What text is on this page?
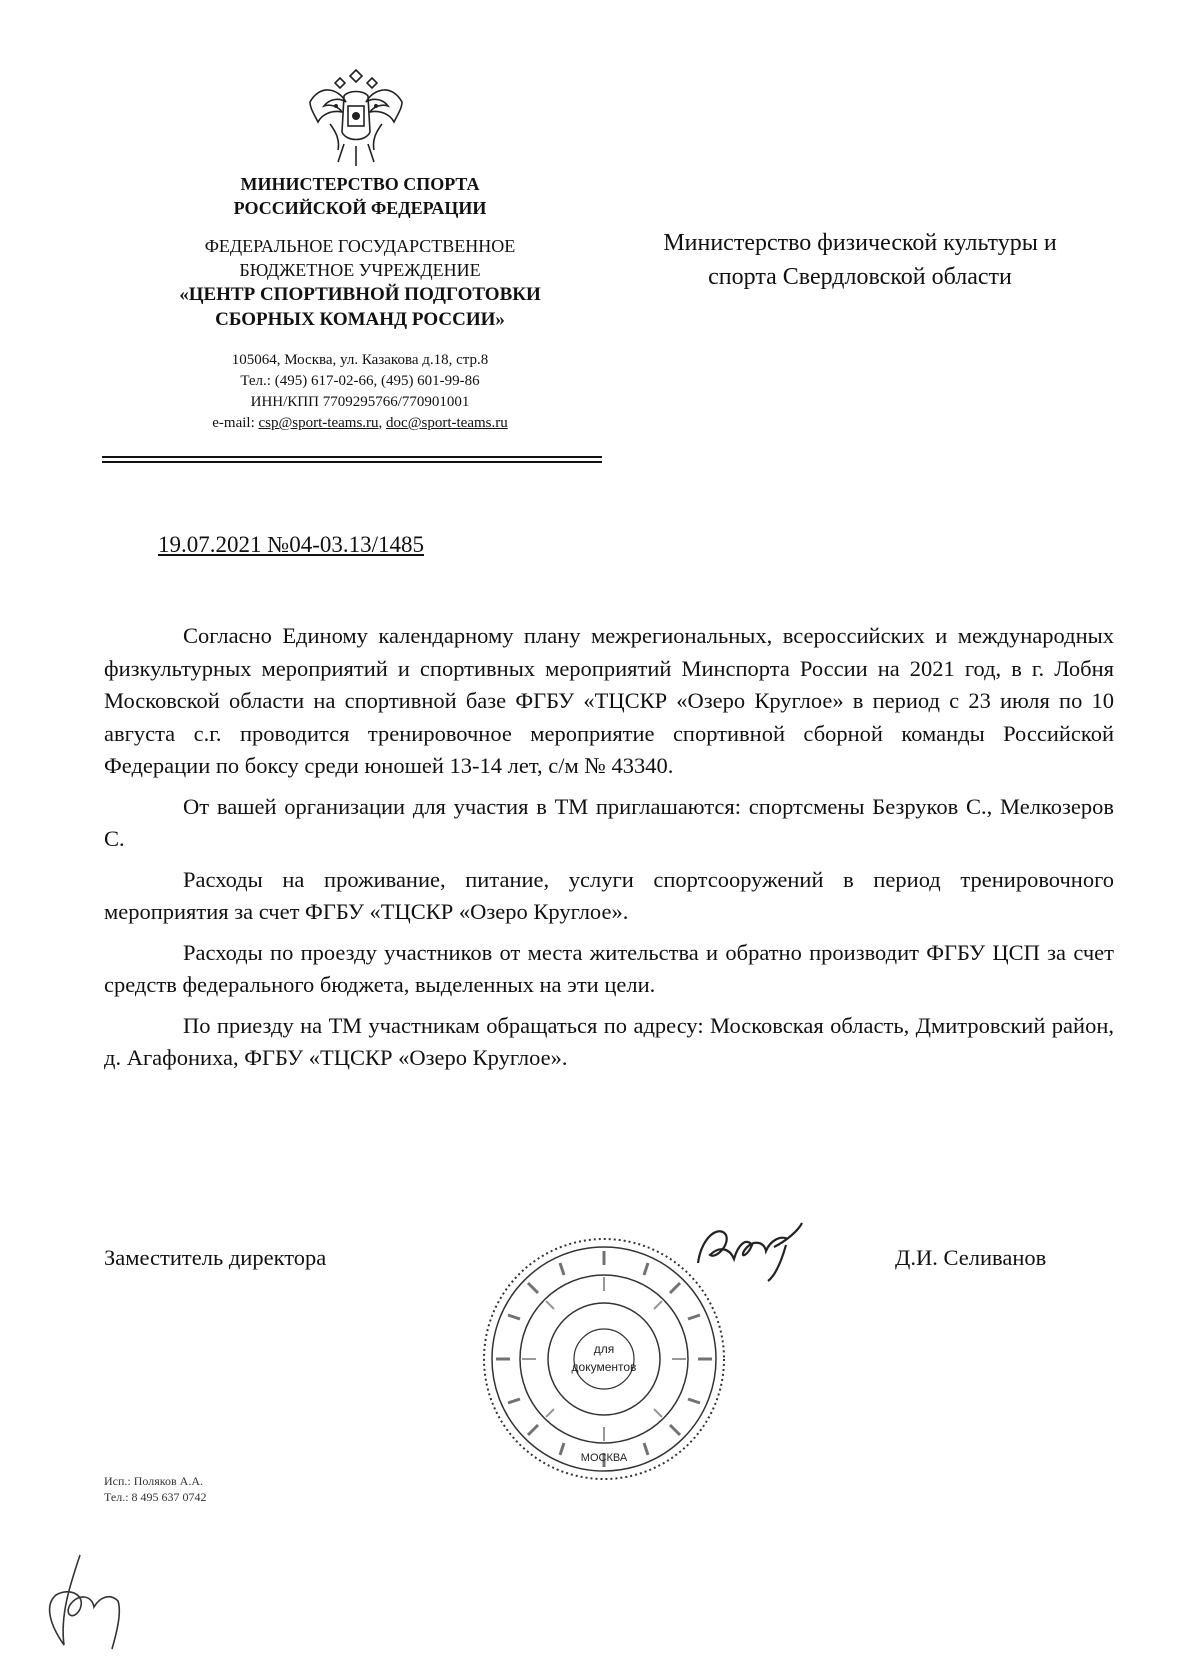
МИНИСТЕРСТВО СПОРТА
РОССИЙСКОЙ ФЕДЕРАЦИИ
ФЕДЕРАЛЬНОЕ ГОСУДАРСТВЕННОЕ
БЮДЖЕТНОЕ УЧРЕЖДЕНИЕ
«ЦЕНТР СПОРТИВНОЙ ПОДГОТОВКИ
СБОРНЫХ КОМАНД РОССИИ»
105064, Москва, ул. Казакова д.18, стр.8
Тел.: (495) 617-02-66, (495) 601-99-86
ИНН/КПП 7709295766/770901001
e-mail: csp@sport-teams.ru, doc@sport-teams.ru
Министерство физической культуры и
спорта Свердловской области
19.07.2021 №04-03.13/1485

Согласно Единому календарному плану межрегиональных, всероссийских и международных физкультурных мероприятий и спортивных мероприятий Минспорта России на 2021 год, в г. Лобня Московской области на спортивной базе ФГБУ «ТЦСКР «Озеро Круглое» в период с 23 июля по 10 августа с.г. проводится тренировочное мероприятие спортивной сборной команды Российской Федерации по боксу среди юношей 13-14 лет, с/м № 43340.

От вашей организации для участия в ТМ приглашаются: спортсмены Безруков С., Мелкозеров С.

Расходы на проживание, питание, услуги спортсооружений в период тренировочного мероприятия за счет ФГБУ «ТЦСКР «Озеро Круглое».

Расходы по проезду участников от места жительства и обратно производит ФГБУ ЦСП за счет средств федерального бюджета, выделенных на эти цели.

По приезду на ТМ участникам обращаться по адресу: Московская область, Дмитровский район, д. Агафониха, ФГБУ «ТЦСКР «Озеро Круглое».

Заместитель директора	Д.И. Селиванов
для
документов
МОСКВА
Исп.: Поляков А.А.
Тел.: 8 495 637 0742
